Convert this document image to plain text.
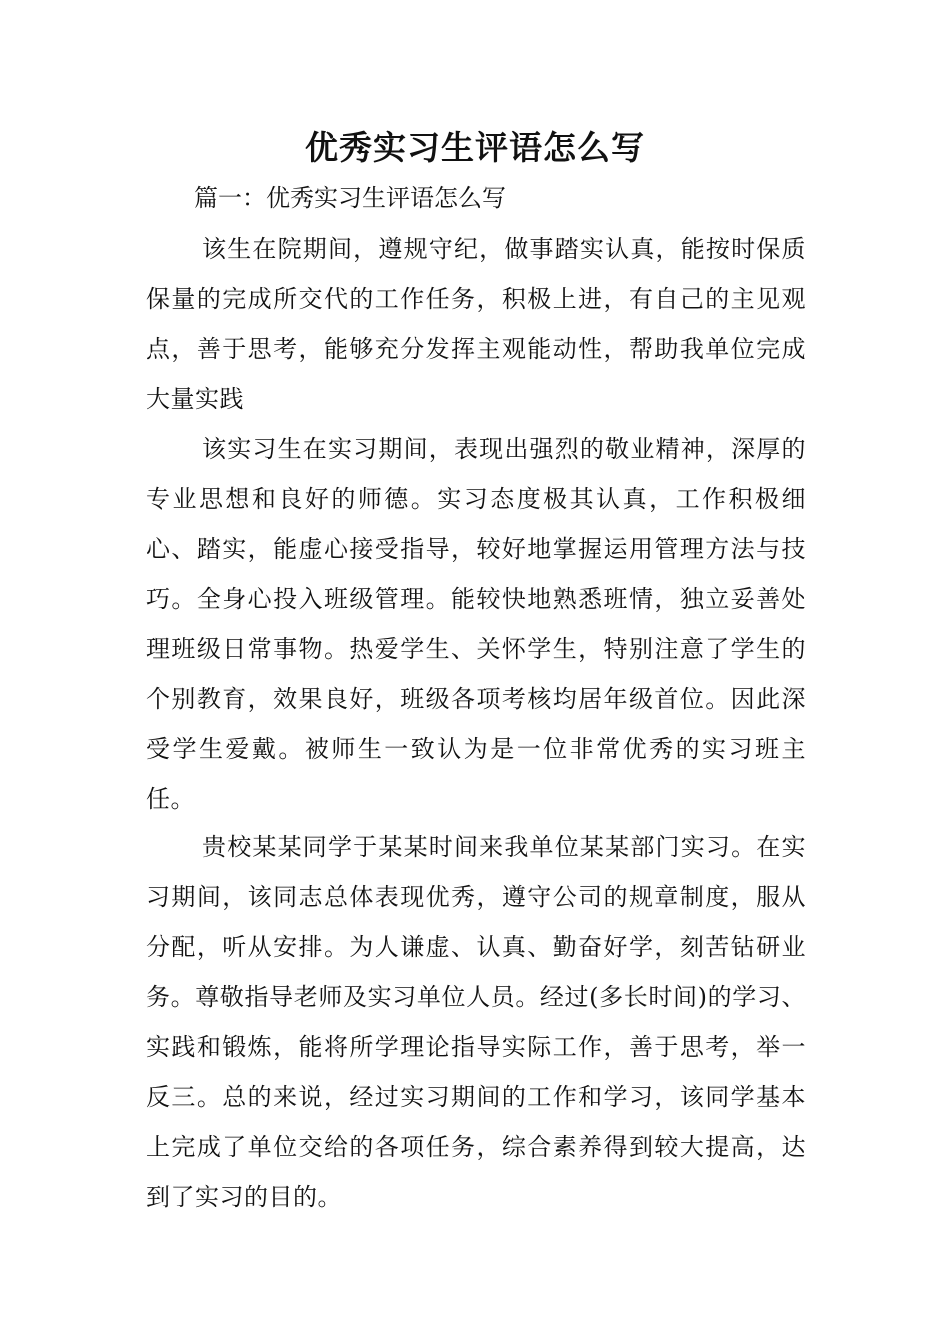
优秀实习生评语怎么写
篇一：优秀实习生评语怎么写

该生在院期间，遵规守纪，做事踏实认真，能按时保质保量的完成所交代的工作任务，积极上进，有自己的主见观点，善于思考，能够充分发挥主观能动性，帮助我单位完成大量实践

该实习生在实习期间，表现出强烈的敬业精神，深厚的专业思想和良好的师德。实习态度极其认真，工作积极细心、踏实，能虚心接受指导，较好地掌握运用管理方法与技巧。全身心投入班级管理。能较快地熟悉班情，独立妥善处理班级日常事物。热爱学生、关怀学生，特别注意了学生的个别教育，效果良好，班级各项考核均居年级首位。因此深受学生爱戴。被师生一致认为是一位非常优秀的实习班主任。

贵校某某同学于某某时间来我单位某某部门实习。在实习期间，该同志总体表现优秀，遵守公司的规章制度，服从分配，听从安排。为人谦虚、认真、勤奋好学，刻苦钻研业务。尊敬指导老师及实习单位人员。经过(多长时间)的学习、实践和锻炼，能将所学理论指导实际工作，善于思考，举一反三。总的来说，经过实习期间的工作和学习，该同学基本上完成了单位交给的各项任务，综合素养得到较大提高，达到了实习的目的。
